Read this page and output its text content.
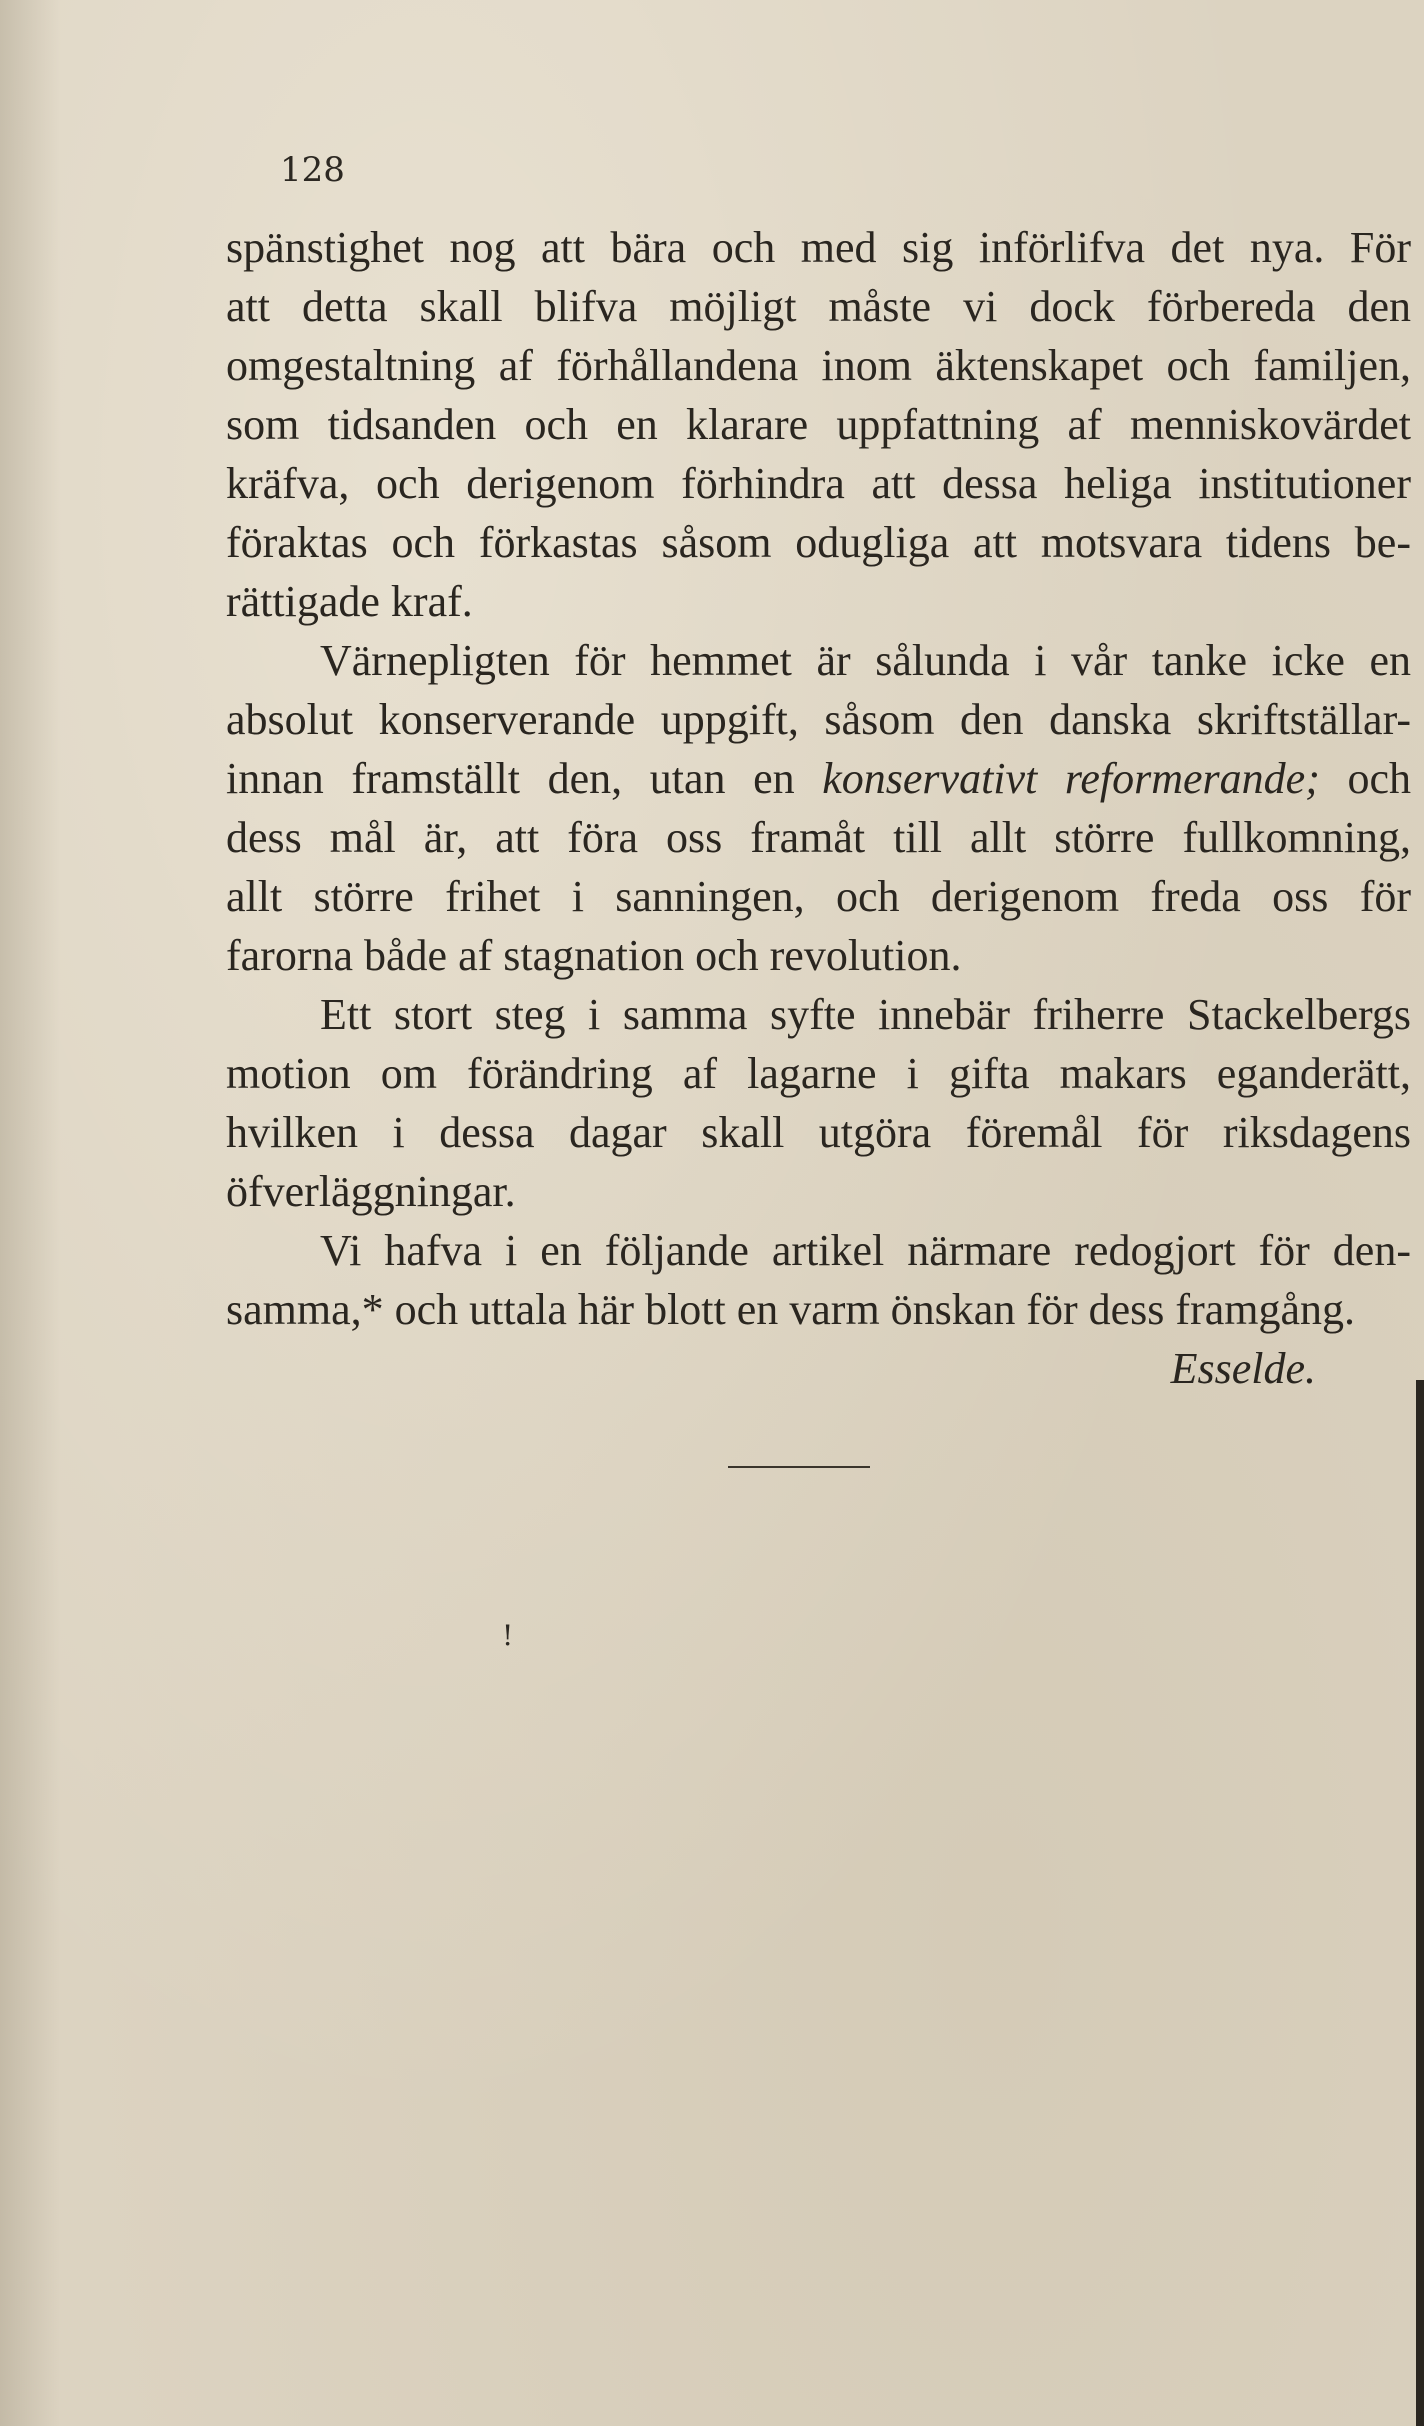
128
spänstighet nog att bära och med sig införlifva det nya. För
att detta skall blifva möjligt måste vi dock förbereda den
omgestaltning af förhållandena inom äktenskapet och familjen,
som tidsanden och en klarare uppfattning af menniskovärdet
kräfva, och derigenom förhindra att dessa heliga institutioner
föraktas och förkastas såsom odugliga att motsvara tidens be-
rättigade kraf.
Värnepligten för hemmet är sålunda i vår tanke icke en
absolut konserverande uppgift, såsom den danska skriftställar-
innan framställt den, utan en konservativt reformerande; och
dess mål är, att föra oss framåt till allt större fullkomning,
allt större frihet i sanningen, och derigenom freda oss för
farorna både af stagnation och revolution.
Ett stort steg i samma syfte innebär friherre Stackelbergs
motion om förändring af lagarne i gifta makars eganderätt,
hvilken i dessa dagar skall utgöra föremål för riksdagens
öfverläggningar.
Vi hafva i en följande artikel närmare redogjort för den-
samma,* och uttala här blott en varm önskan för dess framgång.
Esselde.
!
